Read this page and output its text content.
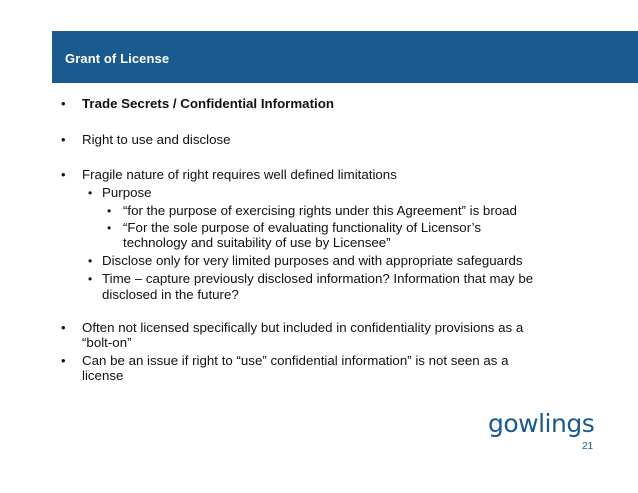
Grant of License
• Trade Secrets / Confidential Information
• Right to use and disclose
• Fragile nature of right requires well defined limitations
• Purpose
• “for the purpose of exercising rights under this Agreement” is broad
• “For the sole purpose of evaluating functionality of Licensor’s
technology and suitability of use by Licensee”
• Disclose only for very limited purposes and with appropriate safeguards
• Time – capture previously disclosed information? Information that may be
disclosed in the future?
• Often not licensed specifically but included in confidentiality provisions as a
“bolt-on”
• Can be an issue if right to “use” confidential information” is not seen as a
license
gowlings
21
